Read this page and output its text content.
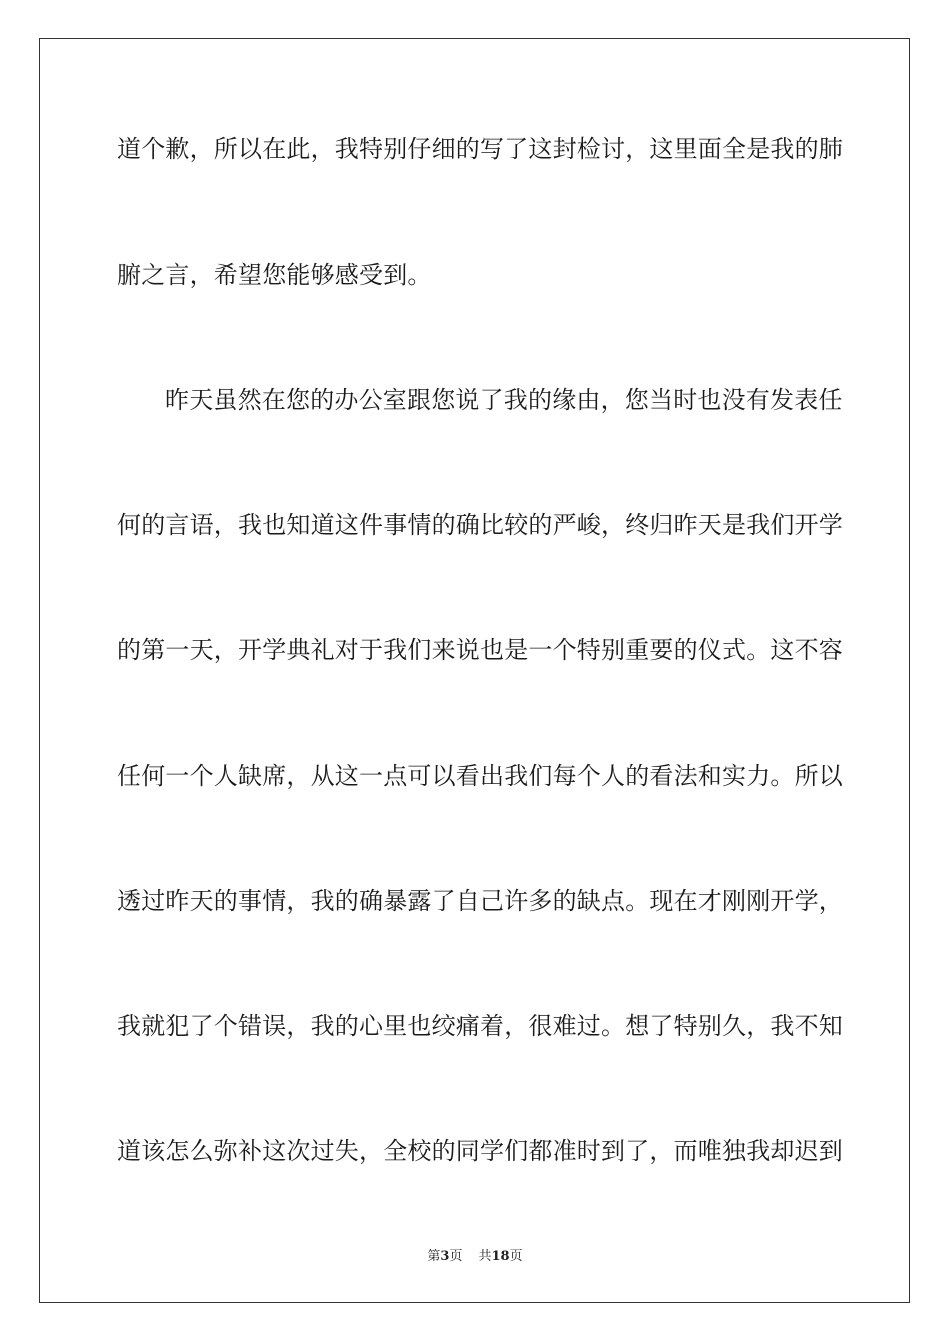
道个歉，所以在此，我特别仔细的写了这封检讨，这里面全是我的肺
腑之言，希望您能够感受到。
昨天虽然在您的办公室跟您说了我的缘由，您当时也没有发表任
何的言语，我也知道这件事情的确比较的严峻，终归昨天是我们开学
的第一天，开学典礼对于我们来说也是一个特别重要的仪式。这不容
任何一个人缺席，从这一点可以看出我们每个人的看法和实力。所以
透过昨天的事情，我的确暴露了自己许多的缺点。现在才刚刚开学，
我就犯了个错误，我的心里也绞痛着，很难过。想了特别久，我不知
道该怎么弥补这次过失，全校的同学们都准时到了，而唯独我却迟到
第3页 共18页
